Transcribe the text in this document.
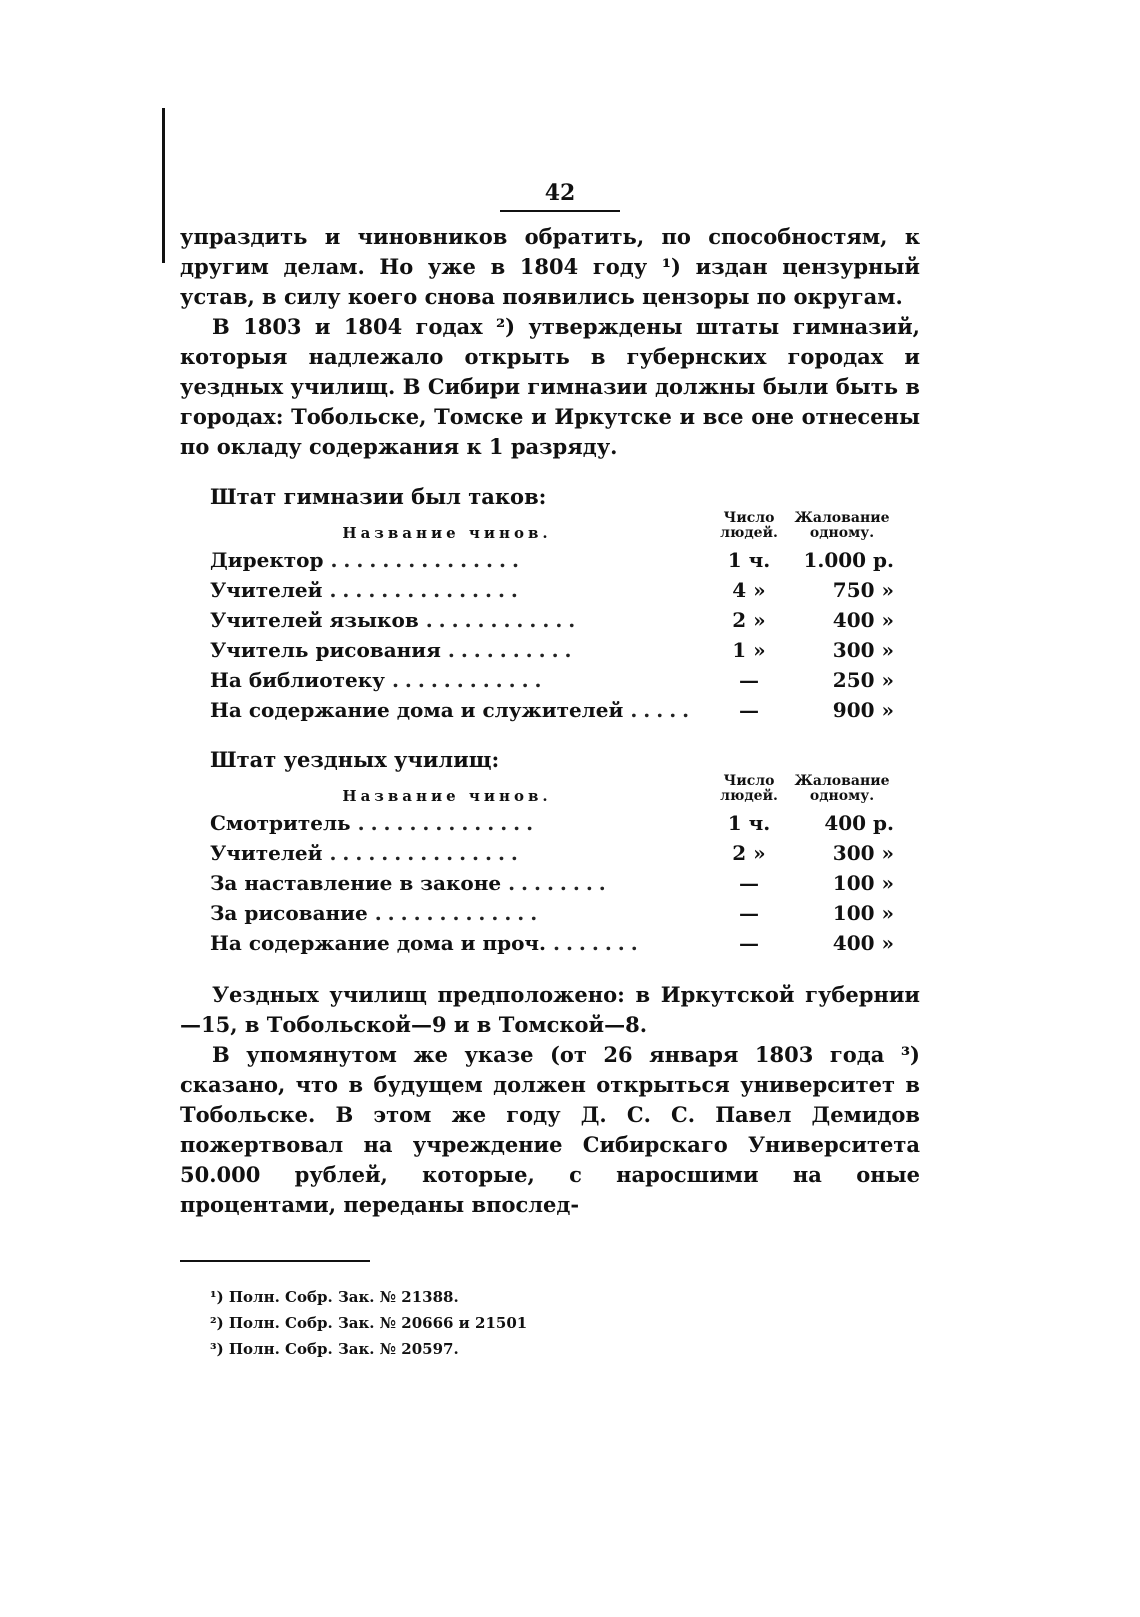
42

упраздить и чиновников обратить, по способностям, к другим делам. Но уже в 1804 году ¹) издан цензурный устав, в силу коего снова появились цензоры по округам.

В 1803 и 1804 годах ²) утверждены штаты гимназий, которыя надлежало открыть в губернских городах и уездных училищ. В Сибири гимназии должны были быть в городах: Тобольске, Томске и Иркутске и все оне отнесены по окладу содержания к 1 разряду.

Штат гимназии был таков:
Название чинов.	Число людей.	Жалование одному.
Директор ...............	1 ч.	1.000 р.
Учителей ...............	4 »	750 »
Учителей языков ............	2 »	400 »
Учитель рисования ..........	1 »	300 »
На библиотеку ............	—	250 »
На содержание дома и служителей .....	—	900 »
Штат уездных училищ:
Название чинов.	Число людей.	Жалование одному.
Смотритель ..............	1 ч.	400 р.
Учителей ...............	2 »	300 »
За наставление в законе ........	—	100 »
За рисование .............	—	100 »
На содержание дома и проч. .......	—	400 »

Уездных училищ предположено: в Иркутской губернии—15, в Тобольской—9 и в Томской—8.

В упомянутом же указе (от 26 января 1803 года ³) сказано, что в будущем должен открыться университет в Тобольске. В этом же году Д. С. С. Павел Демидов пожертвовал на учреждение Сибирскаго Университета 50.000 рублей, которые, с наросшими на оные процентами, переданы впослед-

¹) Полн. Собр. Зак. № 21388.
²) Полн. Собр. Зак. № 20666 и 21501
³) Полн. Собр. Зак. № 20597.
